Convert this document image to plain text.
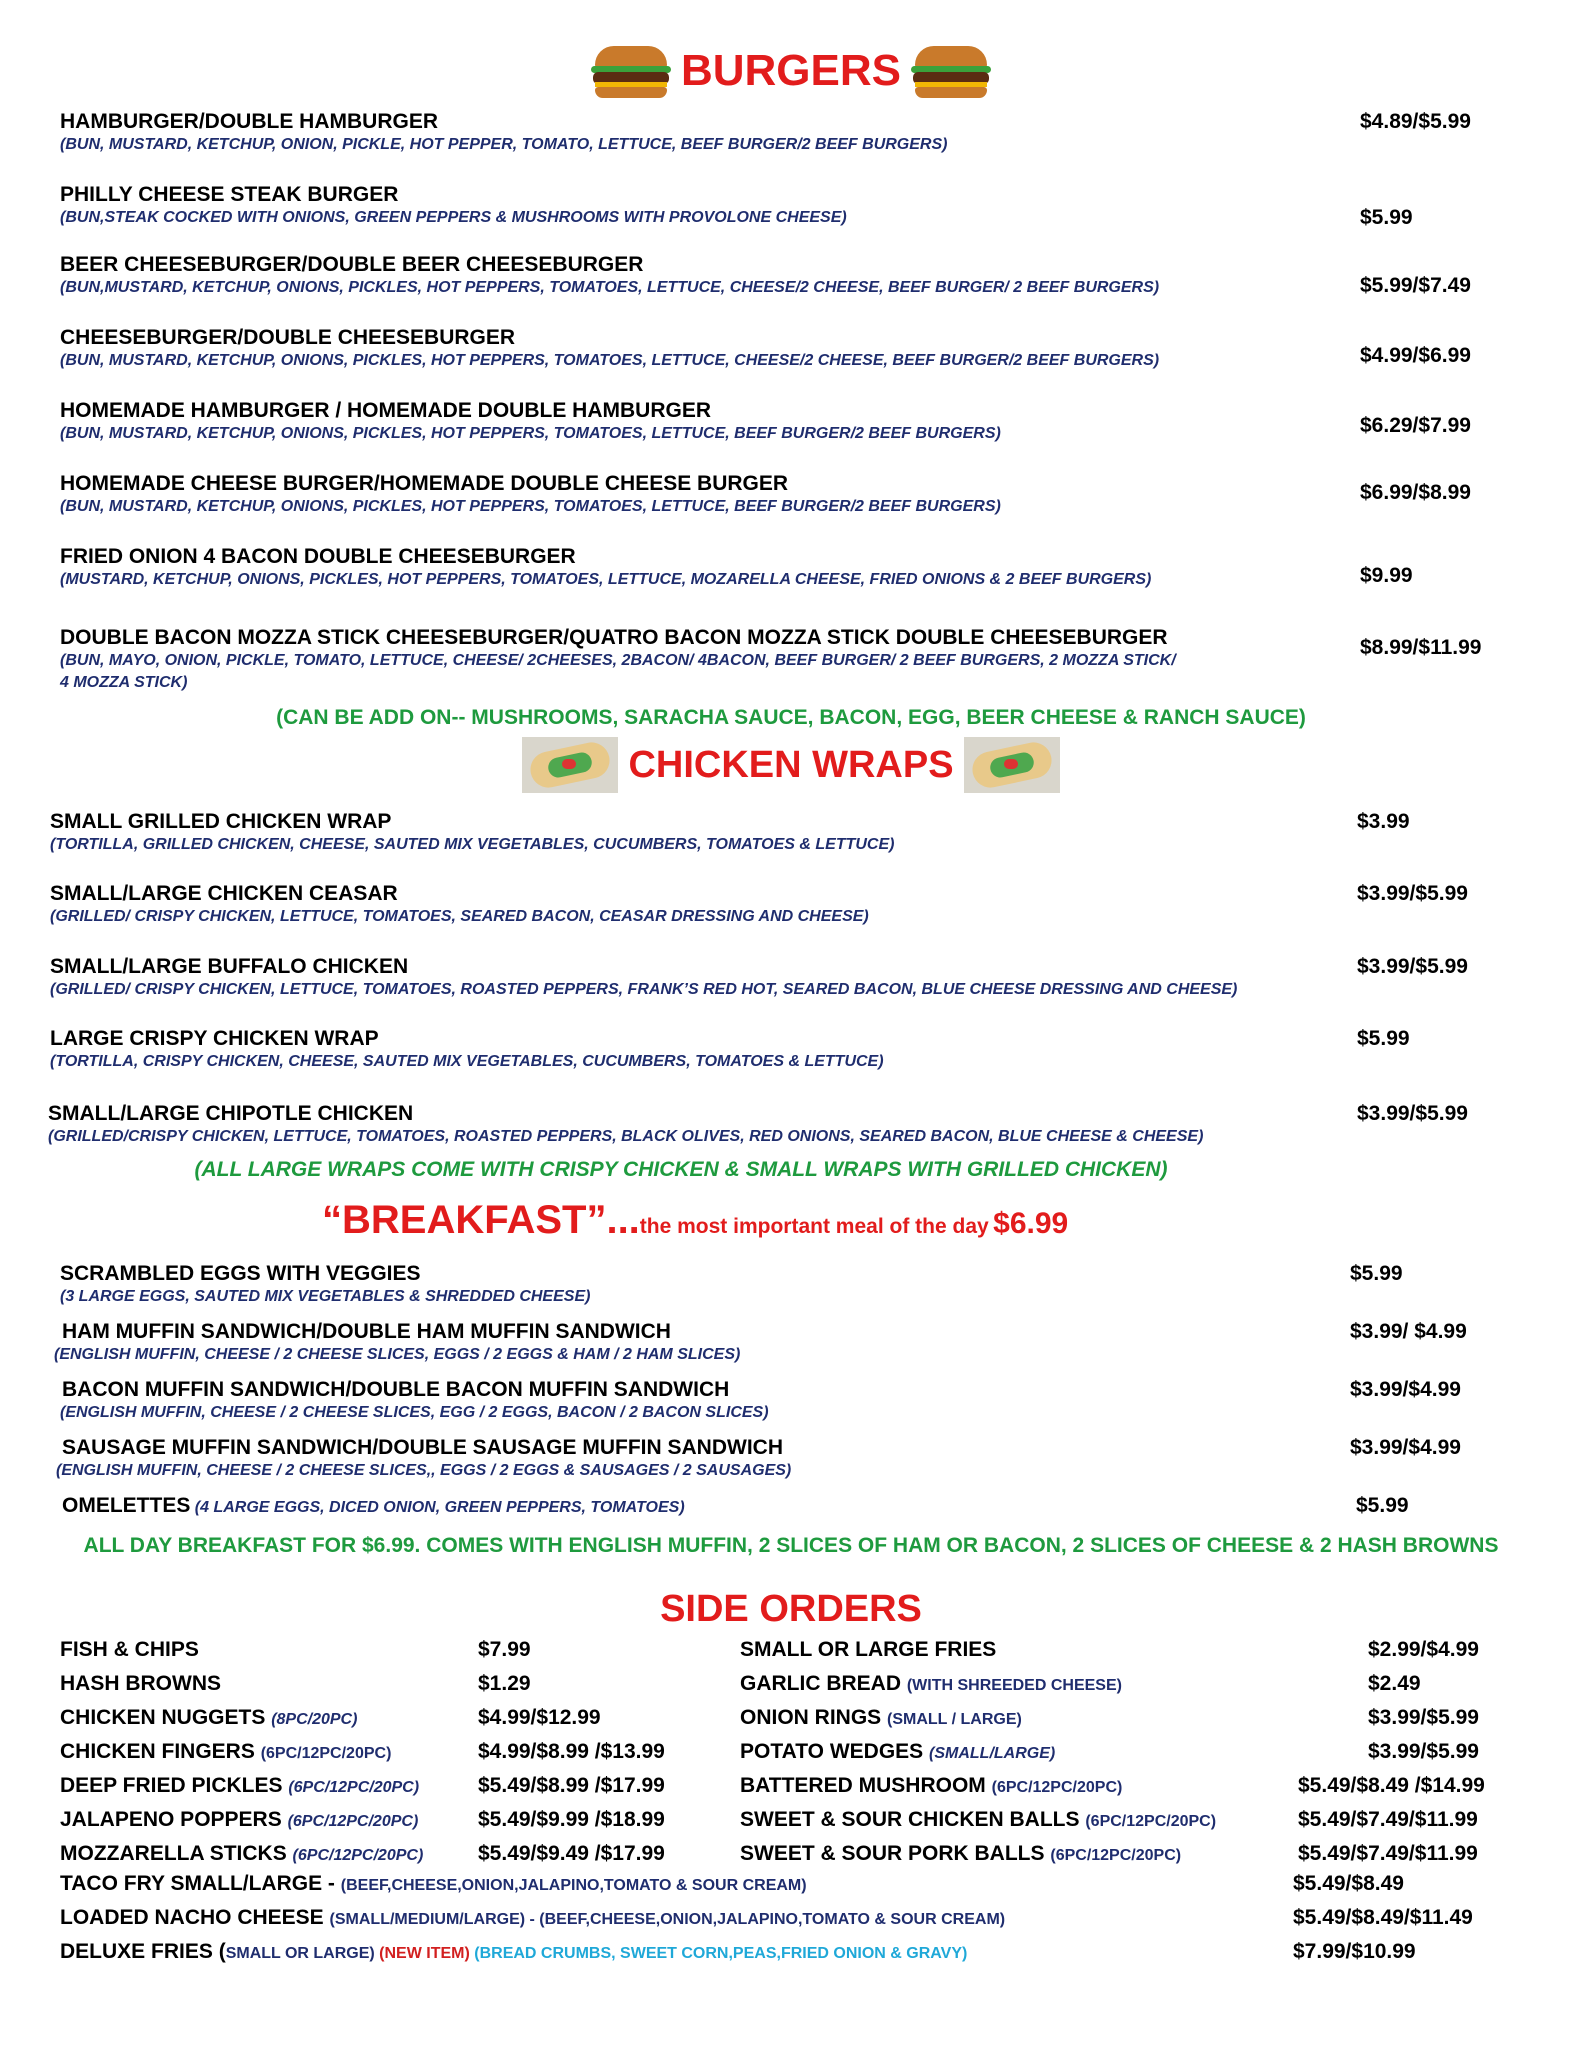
BURGERS
HAMBURGER/DOUBLE HAMBURGER
(BUN, MUSTARD, KETCHUP, ONION, PICKLE, HOT PEPPER, TOMATO, LETTUCE, BEEF BURGER/2 BEEF BURGERS)
$4.89/$5.99
PHILLY CHEESE STEAK BURGER
(BUN,STEAK COCKED WITH ONIONS, GREEN PEPPERS & MUSHROOMS WITH PROVOLONE CHEESE)	$5.99
BEER CHEESEBURGER/DOUBLE BEER CHEESEBURGER
(BUN,MUSTARD, KETCHUP, ONIONS, PICKLES, HOT PEPPERS, TOMATOES, LETTUCE, CHEESE/2 CHEESE, BEEF BURGER/ 2 BEEF BURGERS)	$5.99/$7.49
CHEESEBURGER/DOUBLE CHEESEBURGER
(BUN, MUSTARD, KETCHUP, ONIONS, PICKLES, HOT PEPPERS, TOMATOES, LETTUCE, CHEESE/2 CHEESE, BEEF BURGER/2 BEEF BURGERS)	$4.99/$6.99
HOMEMADE HAMBURGER / HOMEMADE DOUBLE HAMBURGER
(BUN, MUSTARD, KETCHUP, ONIONS, PICKLES, HOT PEPPERS, TOMATOES, LETTUCE, BEEF BURGER/2 BEEF BURGERS)	$6.29/$7.99
HOMEMADE CHEESE BURGER/HOMEMADE DOUBLE CHEESE BURGER
(BUN, MUSTARD, KETCHUP, ONIONS, PICKLES, HOT PEPPERS, TOMATOES, LETTUCE, BEEF BURGER/2 BEEF BURGERS)
$6.99/$8.99
FRIED ONION 4 BACON DOUBLE CHEESEBURGER
(MUSTARD, KETCHUP, ONIONS, PICKLES, HOT PEPPERS, TOMATOES, LETTUCE, MOZARELLA CHEESE, FRIED ONIONS & 2 BEEF BURGERS)	$9.99
DOUBLE BACON MOZZA STICK CHEESEBURGER/QUATRO BACON MOZZA STICK DOUBLE CHEESEBURGER
(BUN, MAYO, ONION, PICKLE, TOMATO, LETTUCE, CHEESE/ 2CHEESES, 2BACON/ 4BACON, BEEF BURGER/ 2 BEEF BURGERS, 2 MOZZA STICK/ 4 MOZZA STICK)
$8.99/$11.99
(CAN BE ADD ON-- MUSHROOMS, SARACHA SAUCE, BACON, EGG, BEER CHEESE & RANCH SAUCE)
CHICKEN WRAPS
SMALL GRILLED CHICKEN WRAP
(TORTILLA, GRILLED CHICKEN, CHEESE, SAUTED MIX VEGETABLES, CUCUMBERS, TOMATOES & LETTUCE)
$3.99
SMALL/LARGE CHICKEN CEASAR
(GRILLED/ CRISPY CHICKEN, LETTUCE, TOMATOES, SEARED BACON, CEASAR DRESSING AND CHEESE)
$3.99/$5.99
SMALL/LARGE BUFFALO CHICKEN
(GRILLED/ CRISPY CHICKEN, LETTUCE, TOMATOES, ROASTED PEPPERS, FRANK’S RED HOT, SEARED BACON, BLUE CHEESE DRESSING AND CHEESE)
$3.99/$5.99
LARGE CRISPY CHICKEN WRAP
(TORTILLA, CRISPY CHICKEN, CHEESE, SAUTED MIX VEGETABLES, CUCUMBERS, TOMATOES & LETTUCE)
$5.99
SMALL/LARGE CHIPOTLE CHICKEN
(GRILLED/CRISPY CHICKEN, LETTUCE, TOMATOES, ROASTED PEPPERS, BLACK OLIVES, RED ONIONS, SEARED BACON, BLUE CHEESE & CHEESE)
$3.99/$5.99
(ALL LARGE WRAPS COME WITH CRISPY CHICKEN & SMALL WRAPS WITH GRILLED CHICKEN)
“BREAKFAST”...the most important meal of the day $6.99
SCRAMBLED EGGS WITH VEGGIES
(3 LARGE EGGS, SAUTED MIX VEGETABLES & SHREDDED CHEESE)
$5.99
HAM MUFFIN SANDWICH/DOUBLE HAM MUFFIN SANDWICH
(ENGLISH MUFFIN, CHEESE / 2 CHEESE SLICES, EGGS / 2 EGGS & HAM / 2 HAM SLICES)
$3.99/ $4.99
BACON MUFFIN SANDWICH/DOUBLE BACON MUFFIN SANDWICH
(ENGLISH MUFFIN, CHEESE / 2 CHEESE SLICES, EGG / 2 EGGS, BACON / 2 BACON SLICES)
$3.99/$4.99
SAUSAGE MUFFIN SANDWICH/DOUBLE SAUSAGE MUFFIN SANDWICH
(ENGLISH MUFFIN, CHEESE / 2 CHEESE SLICES,, EGGS / 2 EGGS & SAUSAGES / 2 SAUSAGES)
$3.99/$4.99
OMELETTES (4 LARGE EGGS, DICED ONION, GREEN PEPPERS, TOMATOES)	$5.99
ALL DAY BREAKFAST FOR $6.99. COMES WITH ENGLISH MUFFIN, 2 SLICES OF HAM OR BACON, 2 SLICES OF CHEESE & 2 HASH BROWNS
SIDE ORDERS
FISH & CHIPS	$7.99
HASH BROWNS	$1.29
CHICKEN NUGGETS (8PC/20PC)	$4.99/$12.99
CHICKEN FINGERS (6PC/12PC/20PC)	$4.99/$8.99 /$13.99
DEEP FRIED PICKLES (6PC/12PC/20PC)	$5.49/$8.99 /$17.99
JALAPENO POPPERS (6PC/12PC/20PC)	$5.49/$9.99 /$18.99
MOZZARELLA STICKS (6PC/12PC/20PC)	$5.49/$9.49 /$17.99
SMALL OR LARGE FRIES	$2.99/$4.99
GARLIC BREAD (WITH SHREEDED CHEESE)	$2.49
ONION RINGS (SMALL / LARGE)	$3.99/$5.99
POTATO WEDGES (SMALL/LARGE)	$3.99/$5.99
BATTERED MUSHROOM (6PC/12PC/20PC)	$5.49/$8.49 /$14.99
SWEET & SOUR CHICKEN BALLS (6PC/12PC/20PC)	$5.49/$7.49/$11.99
SWEET & SOUR PORK BALLS (6PC/12PC/20PC)	$5.49/$7.49/$11.99
TACO FRY SMALL/LARGE - (BEEF,CHEESE,ONION,JALAPINO,TOMATO & SOUR CREAM)	$5.49/$8.49
LOADED NACHO CHEESE (SMALL/MEDIUM/LARGE) - (BEEF,CHEESE,ONION,JALAPINO,TOMATO & SOUR CREAM)	$5.49/$8.49/$11.49
DELUXE FRIES (SMALL OR LARGE) (NEW ITEM) (BREAD CRUMBS, SWEET CORN,PEAS,FRIED ONION & GRAVY)	$7.99/$10.99
